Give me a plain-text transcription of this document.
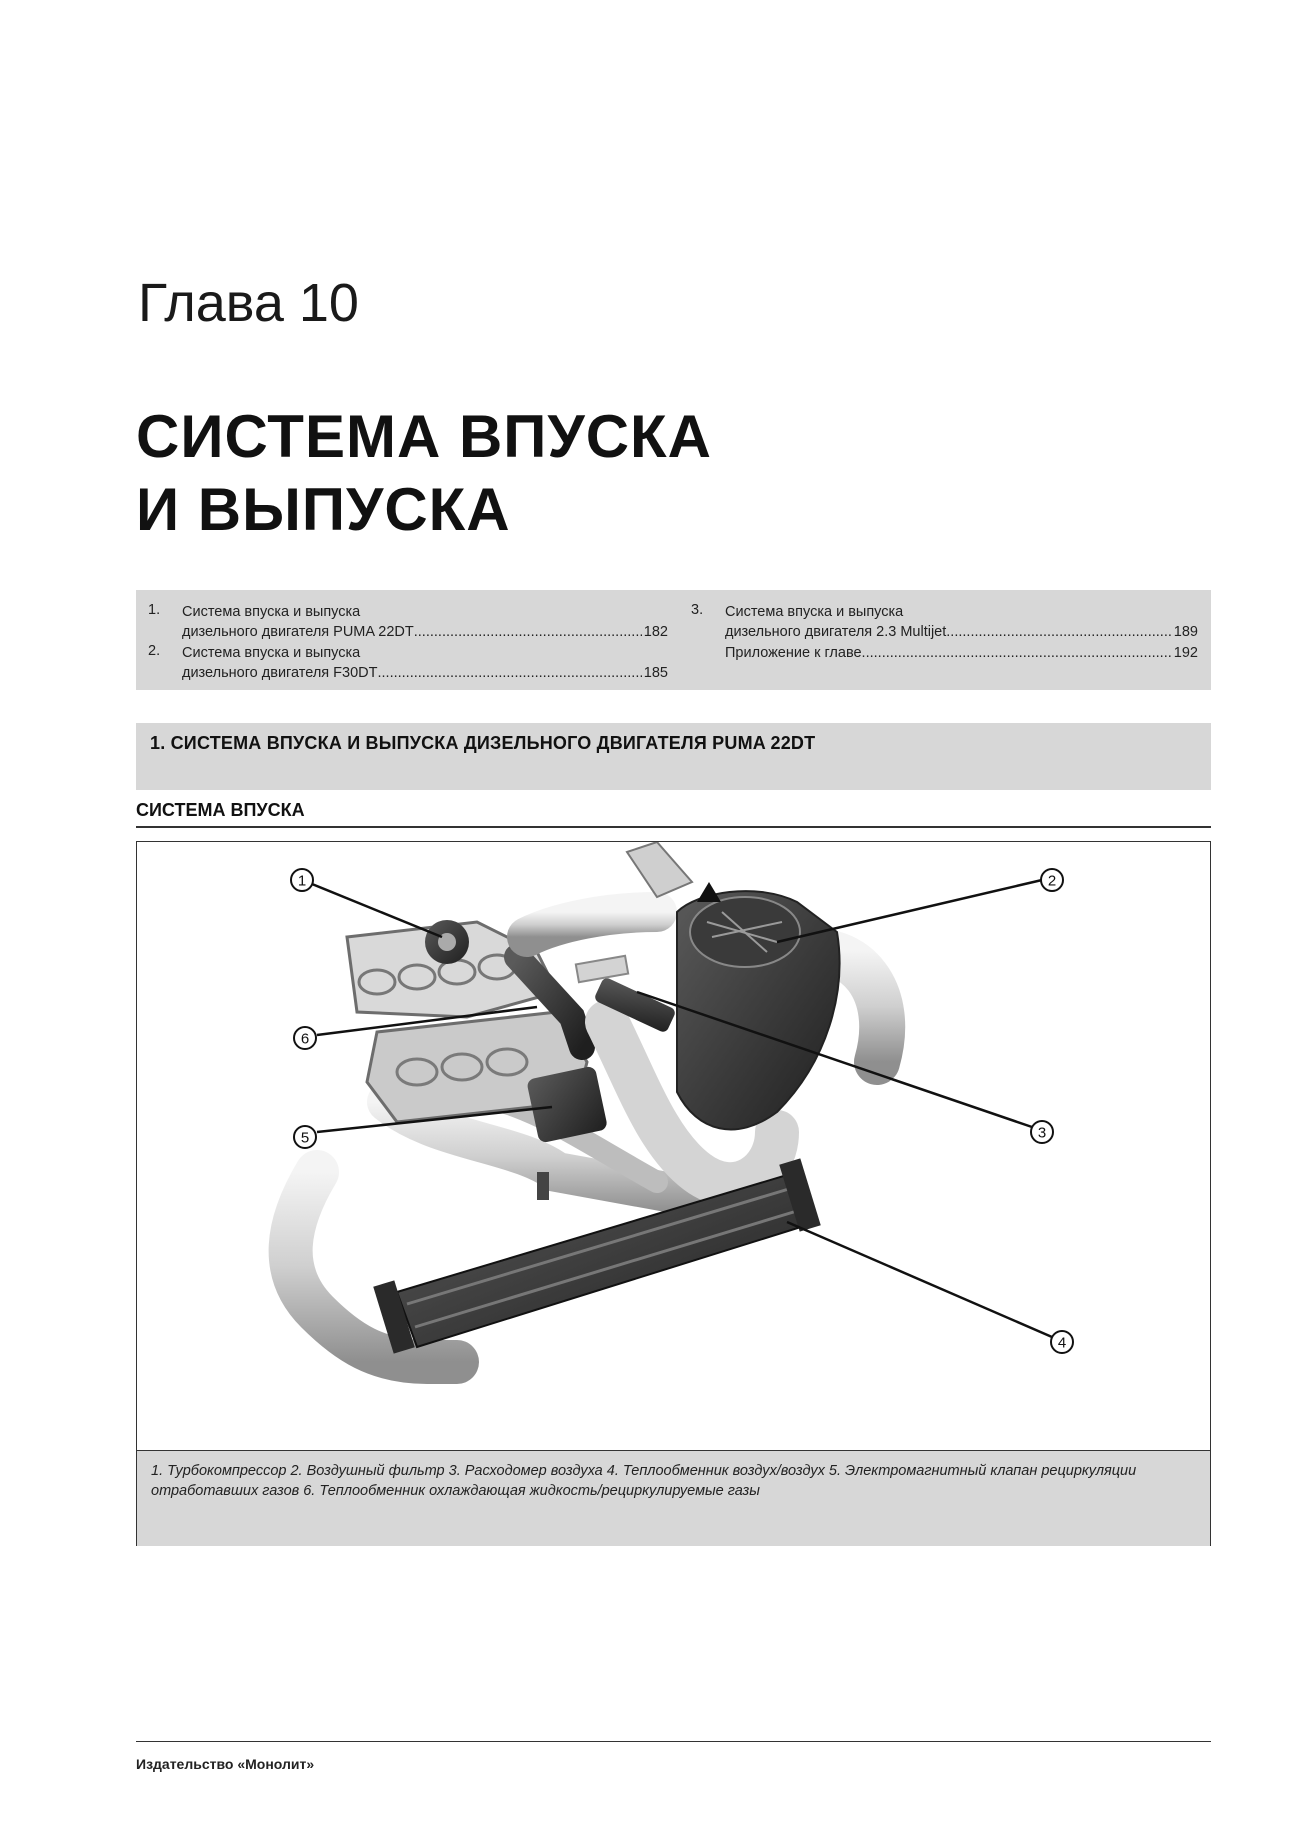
Глава 10
СИСТЕМА ВПУСКА
И ВЫПУСКА
1. Система впуска и выпуска
дизельного двигателя PUMA 22DT .....	182
2. Система впуска и выпуска
дизельного двигателя F30DT .....	185
3. Система впуска и выпуска
дизельного двигателя 2.3 Multijet .....	189
Приложение к главе .....	192
1. СИСТЕМА ВПУСКА И ВЫПУСКА ДИЗЕЛЬНОГО ДВИГАТЕЛЯ PUMA 22DT
СИСТЕМА ВПУСКА
1	2
3
4
5
6
1. Турбокомпрессор 2. Воздушный фильтр 3. Расходомер воздуха 4. Теплообменник воздух/воздух 5. Электромагнитный клапан рециркуляции отработавших газов 6. Теплообменник охлаждающая жидкость/рециркулируемые газы
Издательство «Монолит»
